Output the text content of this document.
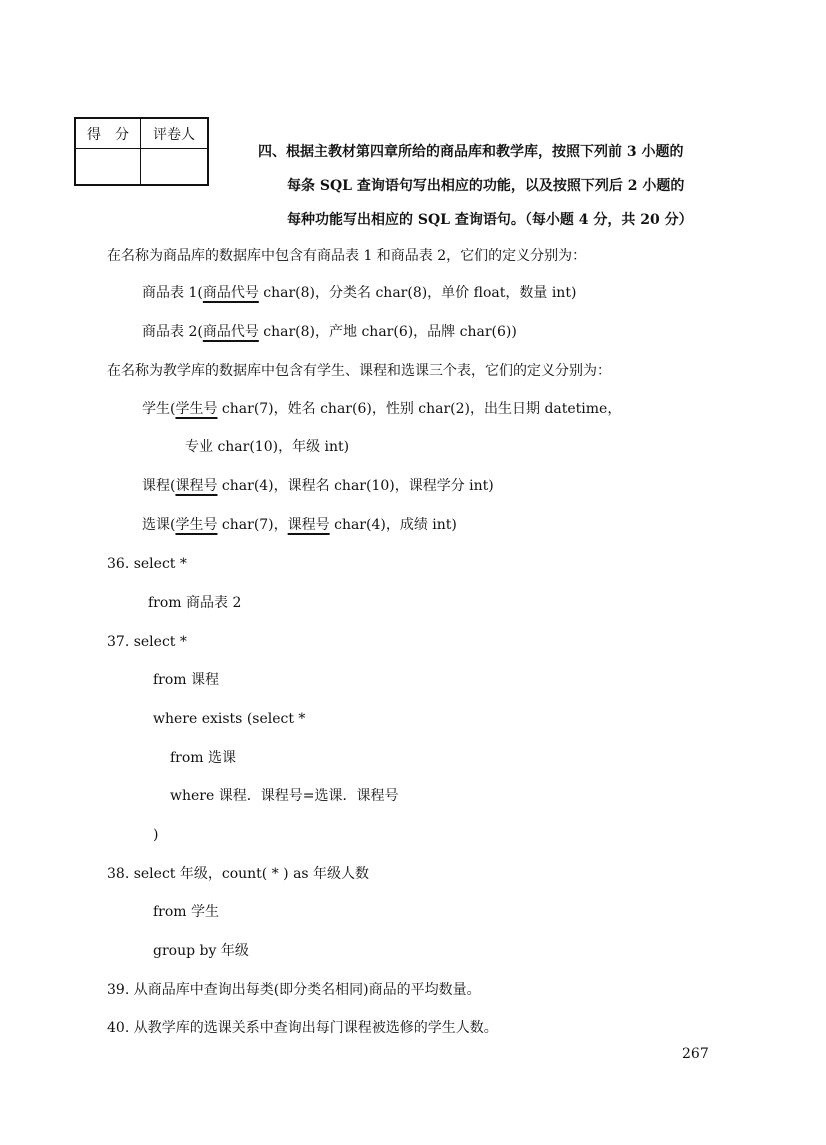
得　分	评卷人

四、根据主教材第四章所给的商品库和教学库，按照下列前 3 小题的
每条 SQL 查询语句写出相应的功能，以及按照下列后 2 小题的
每种功能写出相应的 SQL 查询语句。（每小题 4 分，共 20 分）
在名称为商品库的数据库中包含有商品表 1 和商品表 2，它们的定义分别为：
商品表 1(商品代号 char(8)，分类名 char(8)，单价 float，数量 int)
商品表 2(商品代号 char(8)，产地 char(6)，品牌 char(6))
在名称为教学库的数据库中包含有学生、课程和选课三个表，它们的定义分别为：
学生(学生号 char(7)，姓名 char(6)，性别 char(2)，出生日期 datetime，
专业 char(10)，年级 int)
课程(课程号 char(4)，课程名 char(10)，课程学分 int)
选课(学生号 char(7)，课程号 char(4)，成绩 int)
36. select *
from 商品表 2
37. select *
from 课程
where exists (select *
from 选课
where 课程．课程号=选课．课程号
)
38. select 年级，count( * ) as 年级人数
from 学生
group by 年级
39. 从商品库中查询出每类(即分类名相同)商品的平均数量。
40. 从教学库的选课关系中查询出每门课程被选修的学生人数。
267
